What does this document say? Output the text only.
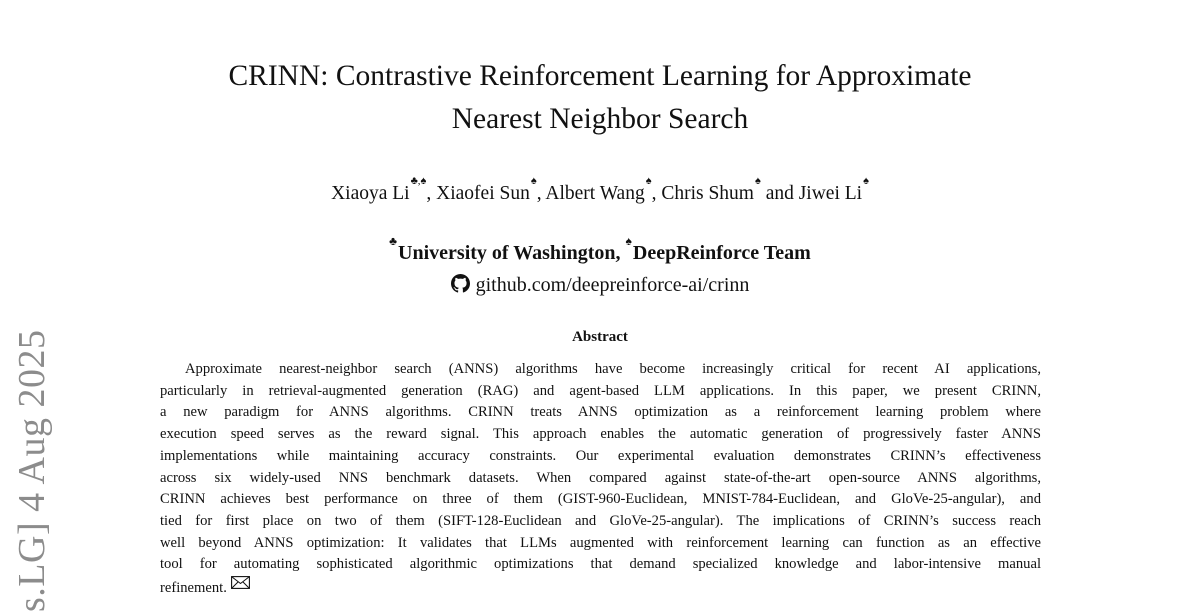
CRINN: Contrastive Reinforcement Learning for Approximate
Nearest Neighbor Search
Xiaoya Li♣,♠, Xiaofei Sun♠, Albert Wang♠, Chris Shum♠ and Jiwei Li♠
♣University of Washington, ♠DeepReinforce Team
github.com/deepreinforce-ai/crinn
Abstract
Approximate nearest-neighbor search (ANNS) algorithms have become increasingly critical for recent AI applications,
particularly in retrieval-augmented generation (RAG) and agent-based LLM applications. In this paper, we present CRINN,
a new paradigm for ANNS algorithms. CRINN treats ANNS optimization as a reinforcement learning problem where
execution speed serves as the reward signal. This approach enables the automatic generation of progressively faster ANNS
implementations while maintaining accuracy constraints. Our experimental evaluation demonstrates CRINN’s effectiveness
across six widely-used NNS benchmark datasets. When compared against state-of-the-art open-source ANNS algorithms,
CRINN achieves best performance on three of them (GIST-960-Euclidean, MNIST-784-Euclidean, and GloVe-25-angular), and
tied for first place on two of them (SIFT-128-Euclidean and GloVe-25-angular). The implications of CRINN’s success reach
well beyond ANNS optimization: It validates that LLMs augmented with reinforcement learning can function as an effective
tool for automating sophisticated algorithmic optimizations that demand specialized knowledge and labor-intensive manual
refinement.
s.LG] 4 Aug 2025
